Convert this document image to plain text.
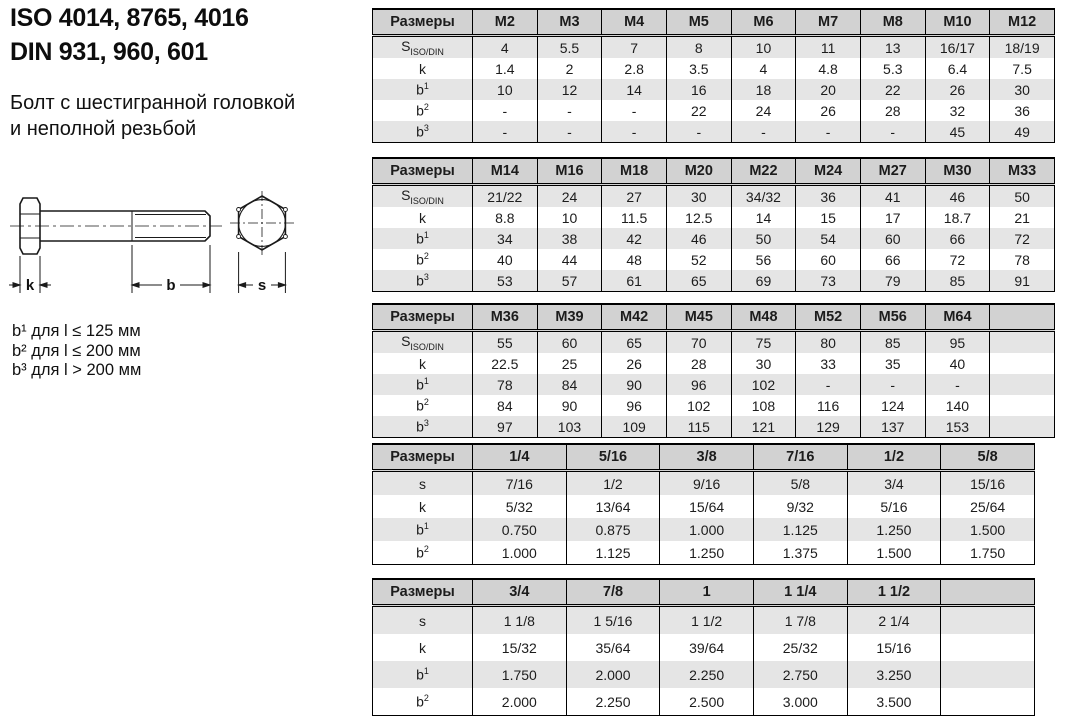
ISO 4014, 8765, 4016
DIN 931, 960, 601
Болт с шестигранной головкой
и неполной резьбой
k	b	s
b¹ для l ≤ 125 мм
b² для l ≤ 200 мм
b³ для l > 200 мм
Размеры	M2	M3	M4	M5	M6	M7	M8	M10	M12
$S_{ISO/DIN}$	4	5.5	7	8	10	11	13	16/17	18/19
k	1.4	2	2.8	3.5	4	4.8	5.3	6.4	7.5
$b^1$	10	12	14	16	18	20	22	26	30
$b^2$	-	-	-	22	24	26	28	32	36
$b^3$	-	-	-	-	-	-	-	45	49
Размеры	M14	M16	M18	M20	M22	M24	M27	M30	M33
$S_{ISO/DIN}$	21/22	24	27	30	34/32	36	41	46	50
k	8.8	10	11.5	12.5	14	15	17	18.7	21
$b^1$	34	38	42	46	50	54	60	66	72
$b^2$	40	44	48	52	56	60	66	72	78
$b^3$	53	57	61	65	69	73	79	85	91
Размеры	M36	M39	M42	M45	M48	M52	M56	M64	
$S_{ISO/DIN}$	55	60	65	70	75	80	85	95	
k	22.5	25	26	28	30	33	35	40	
$b^1$	78	84	90	96	102	-	-	-	
$b^2$	84	90	96	102	108	116	124	140	
$b^3$	97	103	109	115	121	129	137	153	
Размеры	1/4	5/16	3/8	7/16	1/2	5/8
s	7/16	1/2	9/16	5/8	3/4	15/16
k	5/32	13/64	15/64	9/32	5/16	25/64
$b^1$	0.750	0.875	1.000	1.125	1.250	1.500
$b^2$	1.000	1.125	1.250	1.375	1.500	1.750
Размеры	3/4	7/8	1	1 1/4	1 1/2	
s	1 1/8	1 5/16	1 1/2	1 7/8	2 1/4	
k	15/32	35/64	39/64	25/32	15/16	
$b^1$	1.750	2.000	2.250	2.750	3.250	
$b^2$	2.000	2.250	2.500	3.000	3.500	
